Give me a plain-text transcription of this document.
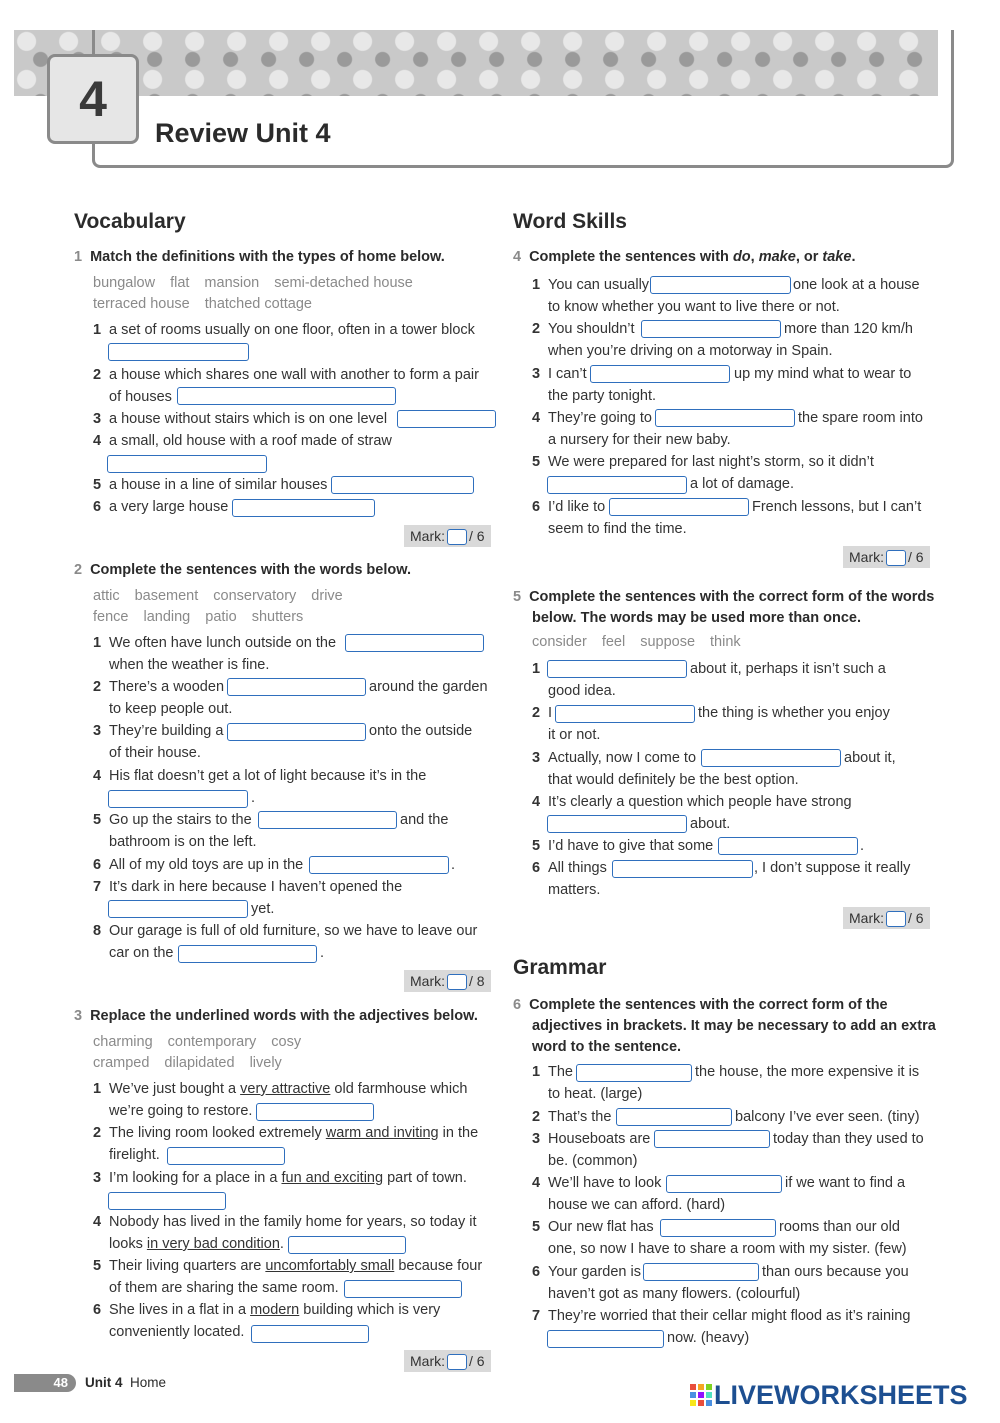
4
Review Unit 4
Vocabulary
1 Match the definitions with the types of home below.
bungalow flat mansion semi-detached house
terraced house thatched cottage
1 a set of rooms usually on one floor, often in a tower block
2 a house which shares one wall with another to form a pair
of houses
3 a house without stairs which is on one level
4 a small, old house with a roof made of straw
5 a house in a line of similar houses
6 a very large house
Mark: / 6
2 Complete the sentences with the words below.
attic basement conservatory drive
fence landing patio shutters
1 We often have lunch outside on the
when the weather is fine.
2 There’s a wooden	around the garden
to keep people out.
3 They’re building a	onto the outside
of their house.
4 His flat doesn’t get a lot of light because it’s in the
.
5 Go up the stairs to the	and the
bathroom is on the left.
6 All of my old toys are up in the	.
7 It’s dark in here because I haven’t opened the
yet.
8 Our garage is full of old furniture, so we have to leave our
car on the	.
Mark: / 8
3 Replace the underlined words with the adjectives below.
charming contemporary cosy
cramped dilapidated lively
1 We’ve just bought a very attractive old farmhouse which
we’re going to restore.
2 The living room looked extremely warm and inviting in the
firelight.
3 I’m looking for a place in a fun and exciting part of town.
4 Nobody has lived in the family home for years, so today it
looks in very bad condition.
5 Their living quarters are uncomfortably small because four
of them are sharing the same room.
6 She lives in a flat in a modern building which is very
conveniently located.
Mark: / 6
Word Skills
4 Complete the sentences with do, make, or take.
1 You can usually	one look at a house
to know whether you want to live there or not.
2 You shouldn’t	more than 120 km/h
when you’re driving on a motorway in Spain.
3 I can’t	up my mind what to wear to
the party tonight.
4 They’re going to	the spare room into
a nursery for their new baby.
5 We were prepared for last night’s storm, so it didn’t
a lot of damage.
6 I’d like to	French lessons, but I can’t
seem to find the time.
Mark: / 6
5 Complete the sentences with the correct form of the words
below. The words may be used more than once.
consider feel suppose think
1	about it, perhaps it isn’t such a
good idea.
2 I	the thing is whether you enjoy
it or not.
3 Actually, now I come to	about it,
that would definitely be the best option.
4 It’s clearly a question which people have strong
about.
5 I’d have to give that some	.
6 All things	, I don’t suppose it really
matters.
Mark: / 6
Grammar
6 Complete the sentences with the correct form of the
adjectives in brackets. It may be necessary to add an extra
word to the sentence.
1 The	the house, the more expensive it is
to heat. (large)
2 That’s the	balcony I’ve ever seen. (tiny)
3 Houseboats are	today than they used to
be. (common)
4 We’ll have to look	if we want to find a
house we can afford. (hard)
5 Our new flat has	rooms than our old
one, so now I have to share a room with my sister. (few)
6 Your garden is	than ours because you
haven’t got as many flowers. (colourful)
7 They’re worried that their cellar might flood as it’s raining
now. (heavy)
48	Unit 4 Home	LIVEWORKSHEETS
